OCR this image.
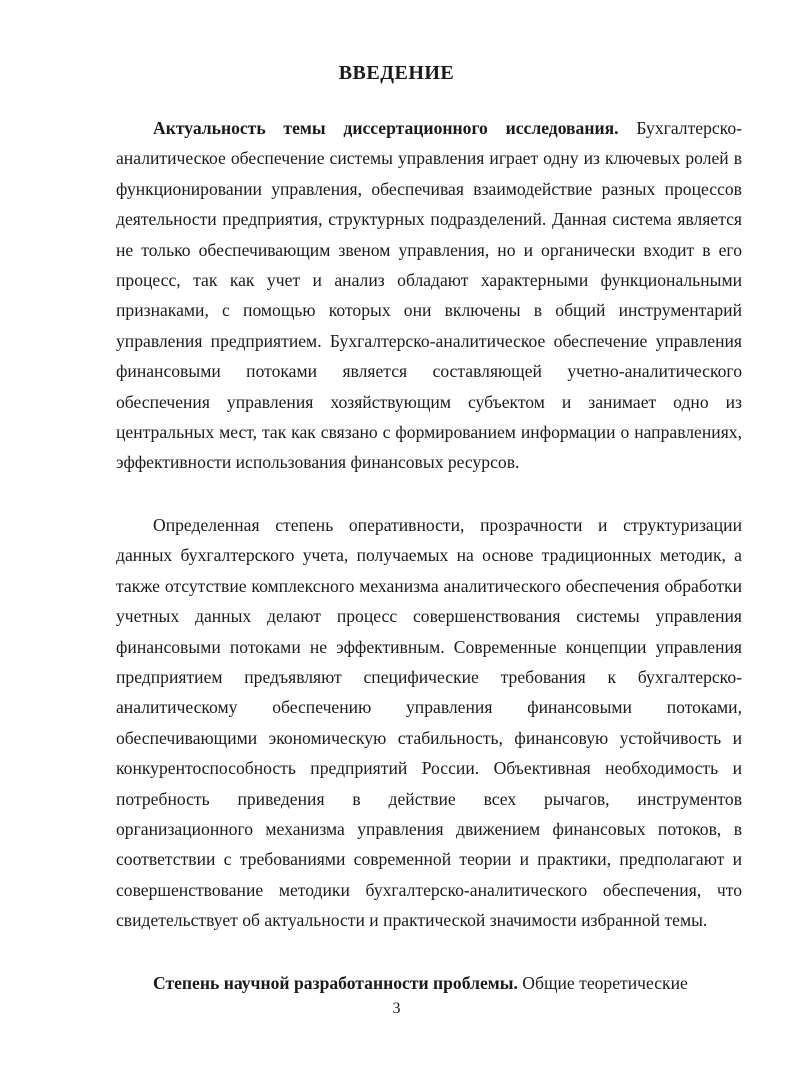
ВВЕДЕНИЕ

Актуальность темы диссертационного исследования. Бухгалтерско-аналитическое обеспечение системы управления играет одну из ключевых ролей в функционировании управления, обеспечивая взаимодействие разных процессов деятельности предприятия, структурных подразделений. Данная система является не только обеспечивающим звеном управления, но и органически входит в его процесс, так как учет и анализ обладают характерными функциональными признаками, с помощью которых они включены в общий инструментарий управления предприятием. Бухгалтерско-аналитическое обеспечение управления финансовыми потоками является составляющей учетно-аналитического обеспечения управления хозяйствующим субъектом и занимает одно из центральных мест, так как связано с формированием информации о направлениях, эффективности использования финансовых ресурсов.

Определенная степень оперативности, прозрачности и структуризации данных бухгалтерского учета, получаемых на основе традиционных методик, а также отсутствие комплексного механизма аналитического обеспечения обработки учетных данных делают процесс совершенствования системы управления финансовыми потоками не эффективным. Современные концепции управления предприятием предъявляют специфические требования к бухгалтерско-аналитическому обеспечению управления финансовыми потоками, обеспечивающими экономическую стабильность, финансовую устойчивость и конкурентоспособность предприятий России. Объективная необходимость и потребность приведения в действие всех рычагов, инструментов организационного механизма управления движением финансовых потоков, в соответствии с требованиями современной теории и практики, предполагают и совершенствование методики бухгалтерско-аналитического обеспечения, что свидетельствует об актуальности и практической значимости избранной темы.

Степень научной разработанности проблемы. Общие теоретические

3
